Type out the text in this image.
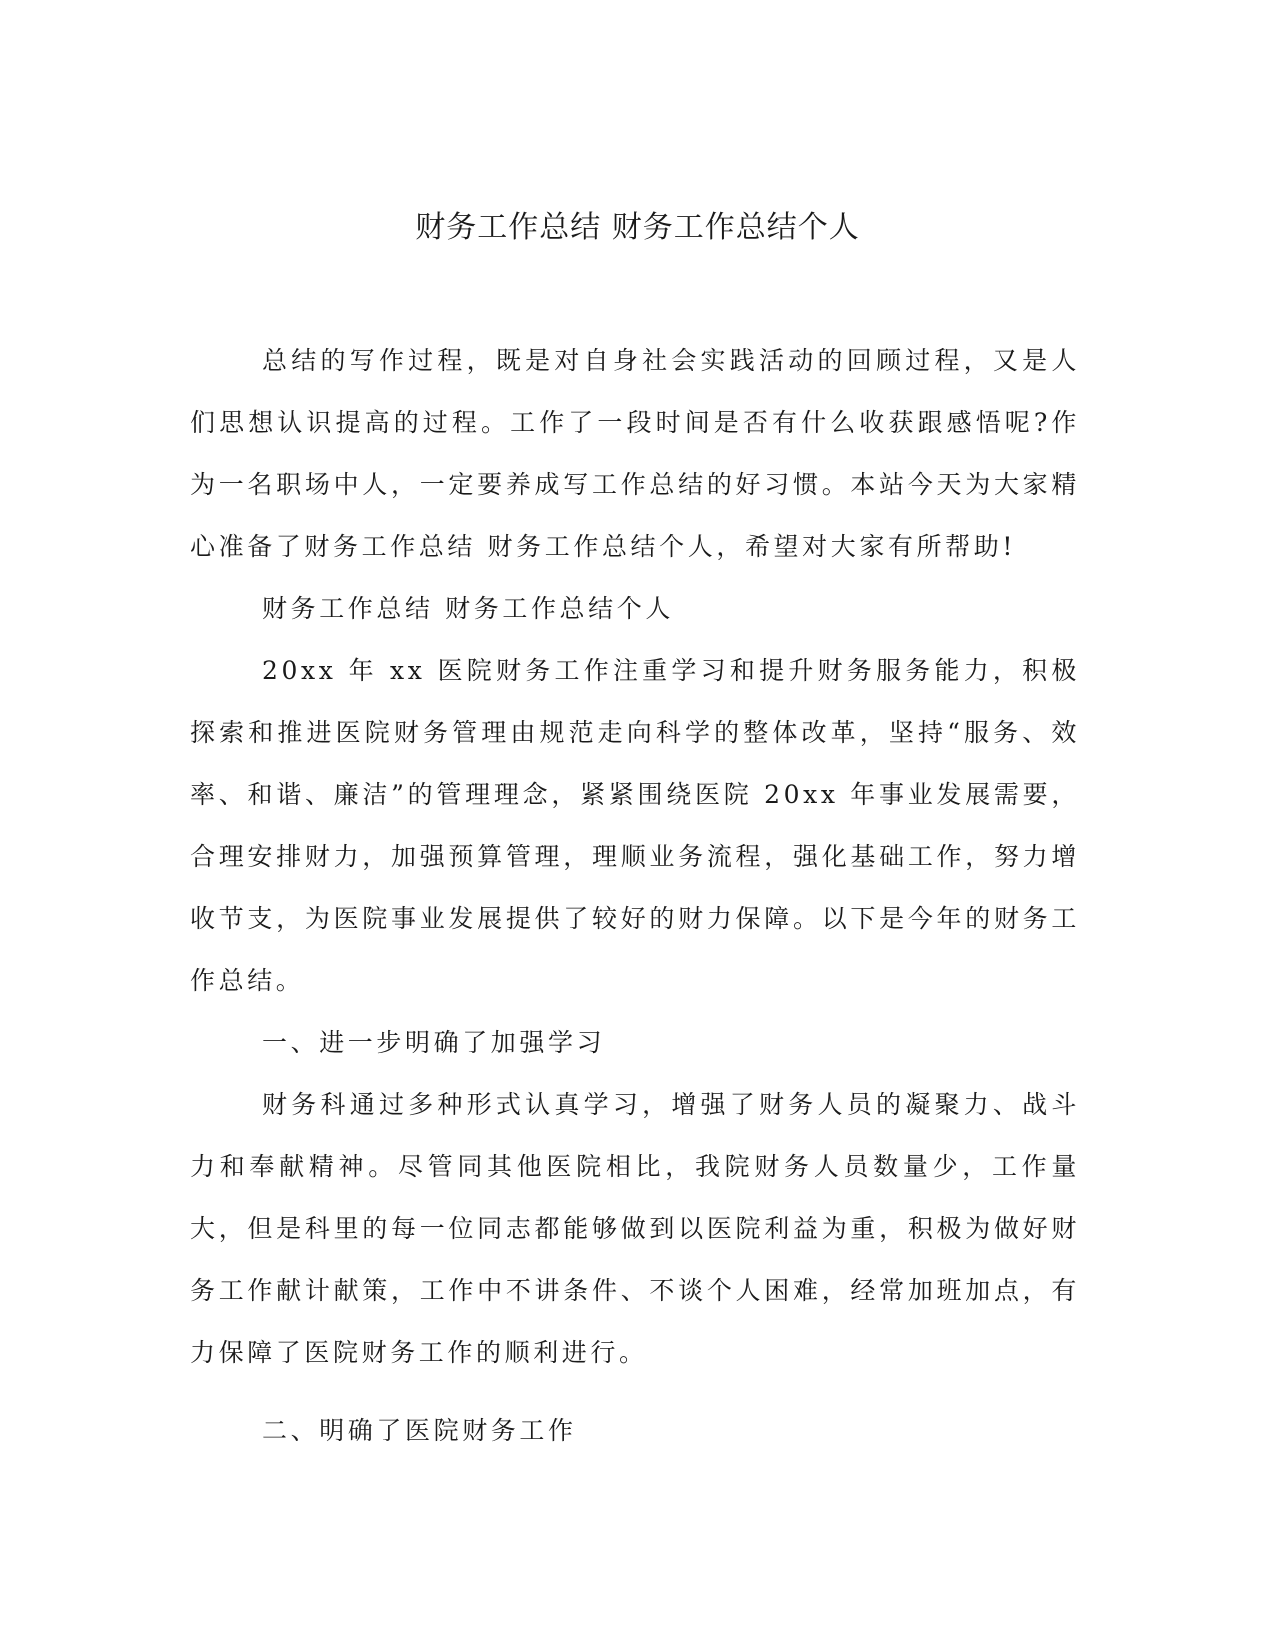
财务工作总结 财务工作总结个人

总结的写作过程，既是对自身社会实践活动的回顾过程，又是人们思想认识提高的过程。工作了一段时间是否有什么收获跟感悟呢?作为一名职场中人，一定要养成写工作总结的好习惯。本站今天为大家精心准备了财务工作总结 财务工作总结个人，希望对大家有所帮助!

财务工作总结 财务工作总结个人

20xx 年 xx 医院财务工作注重学习和提升财务服务能力，积极探索和推进医院财务管理由规范走向科学的整体改革，坚持“服务、效率、和谐、廉洁”的管理理念，紧紧围绕医院 20xx 年事业发展需要，合理安排财力，加强预算管理，理顺业务流程，强化基础工作，努力增收节支，为医院事业发展提供了较好的财力保障。以下是今年的财务工作总结。

一、进一步明确了加强学习

财务科通过多种形式认真学习，增强了财务人员的凝聚力、战斗力和奉献精神。尽管同其他医院相比，我院财务人员数量少，工作量大，但是科里的每一位同志都能够做到以医院利益为重，积极为做好财务工作献计献策，工作中不讲条件、不谈个人困难，经常加班加点，有力保障了医院财务工作的顺利进行。

二、明确了医院财务工作
